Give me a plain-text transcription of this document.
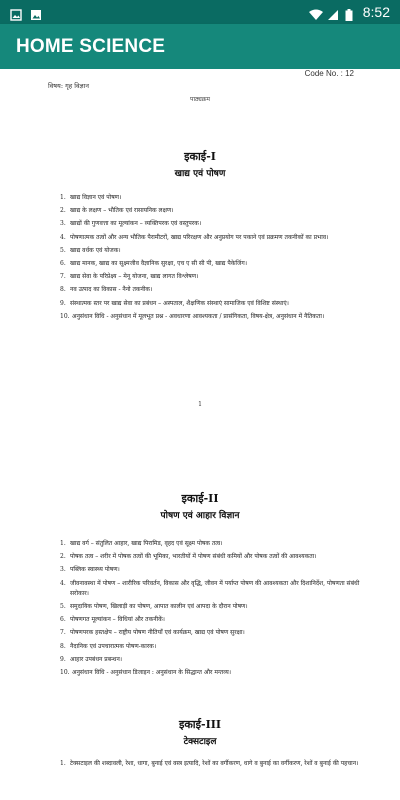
8:52
HOME SCIENCE
Code No. : 12
विषय: गृह विज्ञान
पाठ्यक्रम
इकाई-I
खाद्य एवं पोषण
1. खाद्य विज्ञान एवं पोषण।
2. खाद्य के लक्षण – भौतिक एवं रासायनिक लक्षण।
3. खाद्यों की गुणवत्ता का मूल्यांकन – व्यक्तिपरक एवं वस्तुपरक।
4. पोषणात्मक तत्वों और अन्य भौतिक पैरामीटरों, खाद्य परिरक्षण और अनुप्रयोग पर पकाने एवं प्रक्रमण तकनीकों का प्रभाव।
5. खाद्य वर्धक एवं योजक।
6. खाद्य मानक, खाद्य का सूक्ष्मजीव वैज्ञानिक सुरक्षा, एच ए सी सी पी, खाद्य पैकेजिंग।
7. खाद्य सेवा के परिप्रेक्ष्य – मेनू योजना, खाद्य लागत विश्लेषण।
8. नव उत्पाद का विकास - नैनो तकनीक।
9. संस्थात्मक स्तर पर खाद्य सेवा का प्रबंधन – अस्पताल, शैक्षणिक संस्थाएं सामाजिक एवं विशिष्ट संस्थाएं।
10. अनुसंधान विधि - अनुसंधान में मूलभूत प्रश्न - अवधारणा आवश्यकता / प्रासंगिकता, विषय-क्षेत्र, अनुसंधान में नैतिकता।
1
इकाई-II
पोषण एवं आहार विज्ञान
1. खाद्य वर्ग – संतुलित आहार, खाद्य पिरामिड, वृहद एवं सूक्ष्म पोषक तत्व।
2. पोषक तत्व – शरीर में पोषक तत्वों की भूमिका, भारतीयों में पोषण संबंधी कमियों और पोषक तत्वों की आवश्यकता।
3. पब्लिक स्वास्थ्य पोषण।
4. जीवनावस्था में पोषण – शारीरिक परिवर्तन, विकास और वृद्धि, जीवन में पर्याप्त पोषण की आवश्यकता और दिशानिर्देश, पोषणता संबंधी सरोकार।
5. समुदायिक पोषण, खिलाड़ी का पोषण, आपात कालीन एवं आपदा के दौरान पोषण।
6. पोषणगत मूल्यांकन – विधियां और तकनीकें।
7. पोषणपरक हस्तक्षेप – राष्ट्रीय पोषण नीतियाँ एवं कार्यक्रम, खाद्य एवं पोषण सुरक्षा।
8. नैदानिक एवं उपचारात्मक पोषण-कारक।
9. आहार उपबंधन प्रबन्धन।
10. अनुसंधान विधि - अनुसंधान डिजाइन : अनुसंधान के सिद्धान्त और मन्तव्य।
इकाई-III
टेक्सटाइल
1. टेक्सटाइल की शब्दावली, रेशा, धागा, बुनाई एवं वस्त्र इत्यादि, रेशों का वर्गीकरण, धागे व बुनाई का वर्गीकरण, रेशों व बुनाई की पहचान।
